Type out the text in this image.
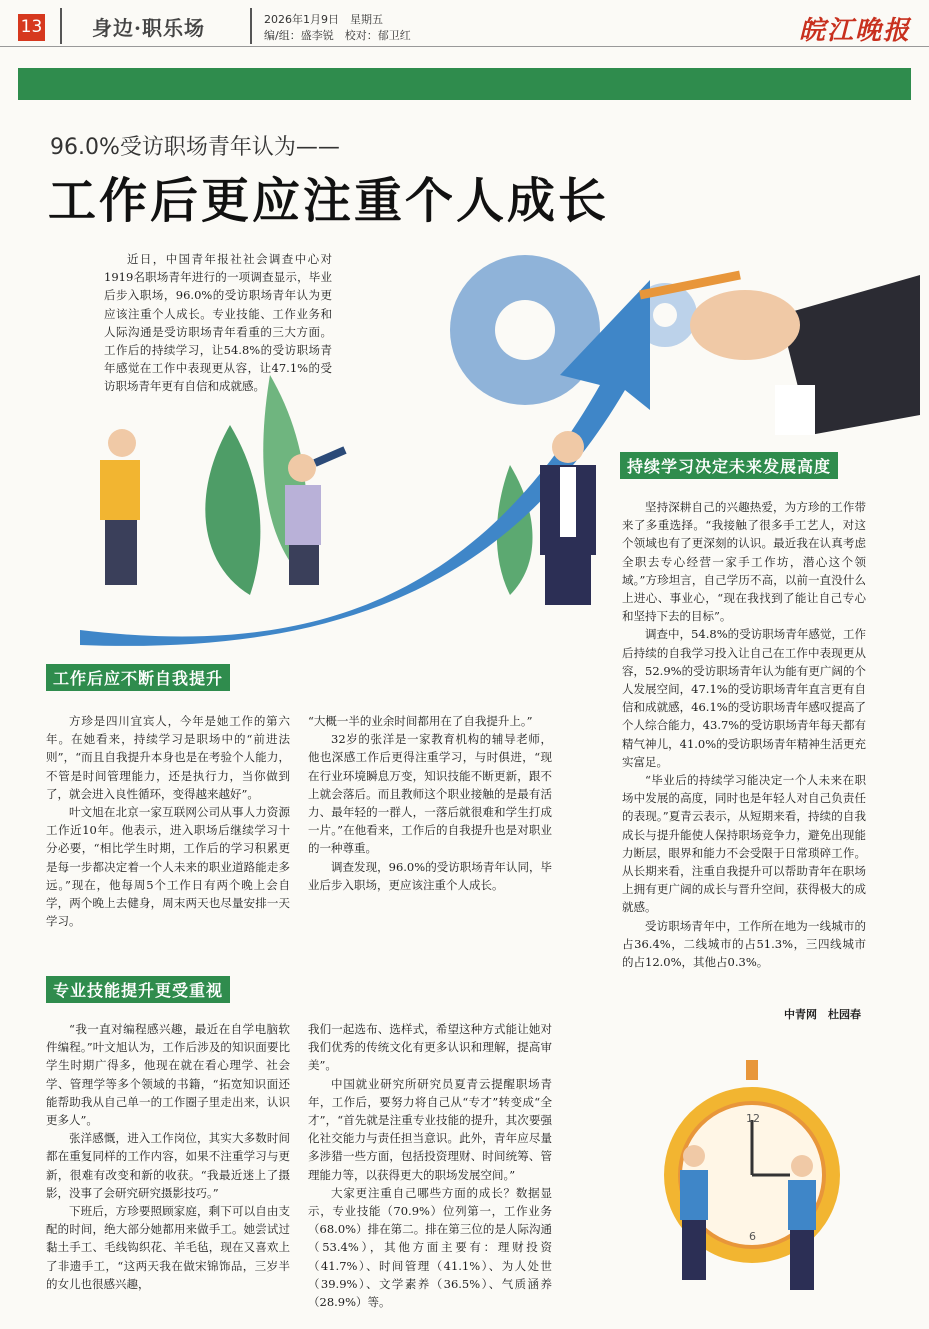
13 身边·职乐场	2026年1月9日　星期五
编/组：盛李锐　校对：郁卫红	皖江晚报
96.0%受访职场青年认为——
工作后更应注重个人成长

近日，中国青年报社社会调查中心对1919名职场青年进行的一项调查显示，毕业后步入职场，96.0%的受访职场青年认为更应该注重个人成长。专业技能、工作业务和人际沟通是受访职场青年看重的三大方面。工作后的持续学习，让54.8%的受访职场青年感觉在工作中表现更从容，让47.1%的受访职场青年更有自信和成就感。

工作后应不断自我提升

方珍是四川宜宾人，今年是她工作的第六年。在她看来，持续学习是职场中的“前进法则”，“而且自我提升本身也是在考验个人能力，不管是时间管理能力，还是执行力，当你做到了，就会进入良性循环，变得越来越好”。

叶文旭在北京一家互联网公司从事人力资源工作近10年。他表示，进入职场后继续学习十分必要，“相比学生时期，工作后的学习积累更是每一步都决定着一个人未来的职业道路能走多远。”现在，他每周5个工作日有两个晚上会自学，两个晚上去健身，周末两天也尽量安排一天学习。

“大概一半的业余时间都用在了自我提升上。”

32岁的张洋是一家教育机构的辅导老师，他也深感工作后更得注重学习，与时俱进，“现在行业环境瞬息万变，知识技能不断更新，跟不上就会落后。而且教师这个职业接触的是最有活力、最年轻的一群人，一落后就很难和学生打成一片。”在他看来，工作后的自我提升也是对职业的一种尊重。

调查发现，96.0%的受访职场青年认同，毕业后步入职场，更应该注重个人成长。

专业技能提升更受重视

“我一直对编程感兴趣，最近在自学电脑软件编程。”叶文旭认为，工作后涉及的知识面要比学生时期广得多，他现在就在看心理学、社会学、管理学等多个领域的书籍，“拓宽知识面还能帮助我从自己单一的工作圈子里走出来，认识更多人”。

张洋感慨，进入工作岗位，其实大多数时间都在重复同样的工作内容，如果不注重学习与更新，很难有改变和新的收获。“我最近迷上了摄影，没事了会研究研究摄影技巧。”

下班后，方珍要照顾家庭，剩下可以自由支配的时间，绝大部分她都用来做手工。她尝试过黏土手工、毛线钩织花、羊毛毡，现在又喜欢上了非遗手工，“这两天我在做宋锦饰品，三岁半的女儿也很感兴趣，

我们一起选布、选样式，希望这种方式能让她对我们优秀的传统文化有更多认识和理解，提高审美”。

中国就业研究所研究员夏青云提醒职场青年，工作后，要努力将自己从“专才”转变成“全才”，“首先就是注重专业技能的提升，其次要强化社交能力与责任担当意识。此外，青年应尽量多涉猎一些方面，包括投资理财、时间统筹、管理能力等，以获得更大的职场发展空间。”

大家更注重自己哪些方面的成长？数据显示，专业技能（70.9%）位列第一，工作业务（68.0%）排在第二。排在第三位的是人际沟通（53.4%），其他方面主要有：理财投资（41.7%）、时间管理（41.1%）、为人处世（39.9%）、文学素养（36.5%）、气质涵养（28.9%）等。

持续学习决定未来发展高度

坚持深耕自己的兴趣热爱，为方珍的工作带来了多重选择。“我接触了很多手工艺人，对这个领域也有了更深刻的认识。最近我在认真考虑全职去专心经营一家手工作坊，潜心这个领域。”方珍坦言，自己学历不高，以前一直没什么上进心、事业心，“现在我找到了能让自己专心和坚持下去的目标”。

调查中，54.8%的受访职场青年感觉，工作后持续的自我学习投入让自己在工作中表现更从容，52.9%的受访职场青年认为能有更广阔的个人发展空间，47.1%的受访职场青年直言更有自信和成就感，46.1%的受访职场青年感叹提高了个人综合能力，43.7%的受访职场青年每天都有精气神儿，41.0%的受访职场青年精神生活更充实富足。

“毕业后的持续学习能决定一个人未来在职场中发展的高度，同时也是年轻人对自己负责任的表现。”夏青云表示，从短期来看，持续的自我成长与提升能使人保持职场竞争力，避免出现能力断层，眼界和能力不会受限于日常琐碎工作。从长期来看，注重自我提升可以帮助青年在职场上拥有更广阔的成长与晋升空间，获得极大的成就感。

受访职场青年中，工作所在地为一线城市的占36.4%，二线城市的占51.3%，三四线城市的占12.0%，其他占0.3%。

中青网　杜园春
12
6
